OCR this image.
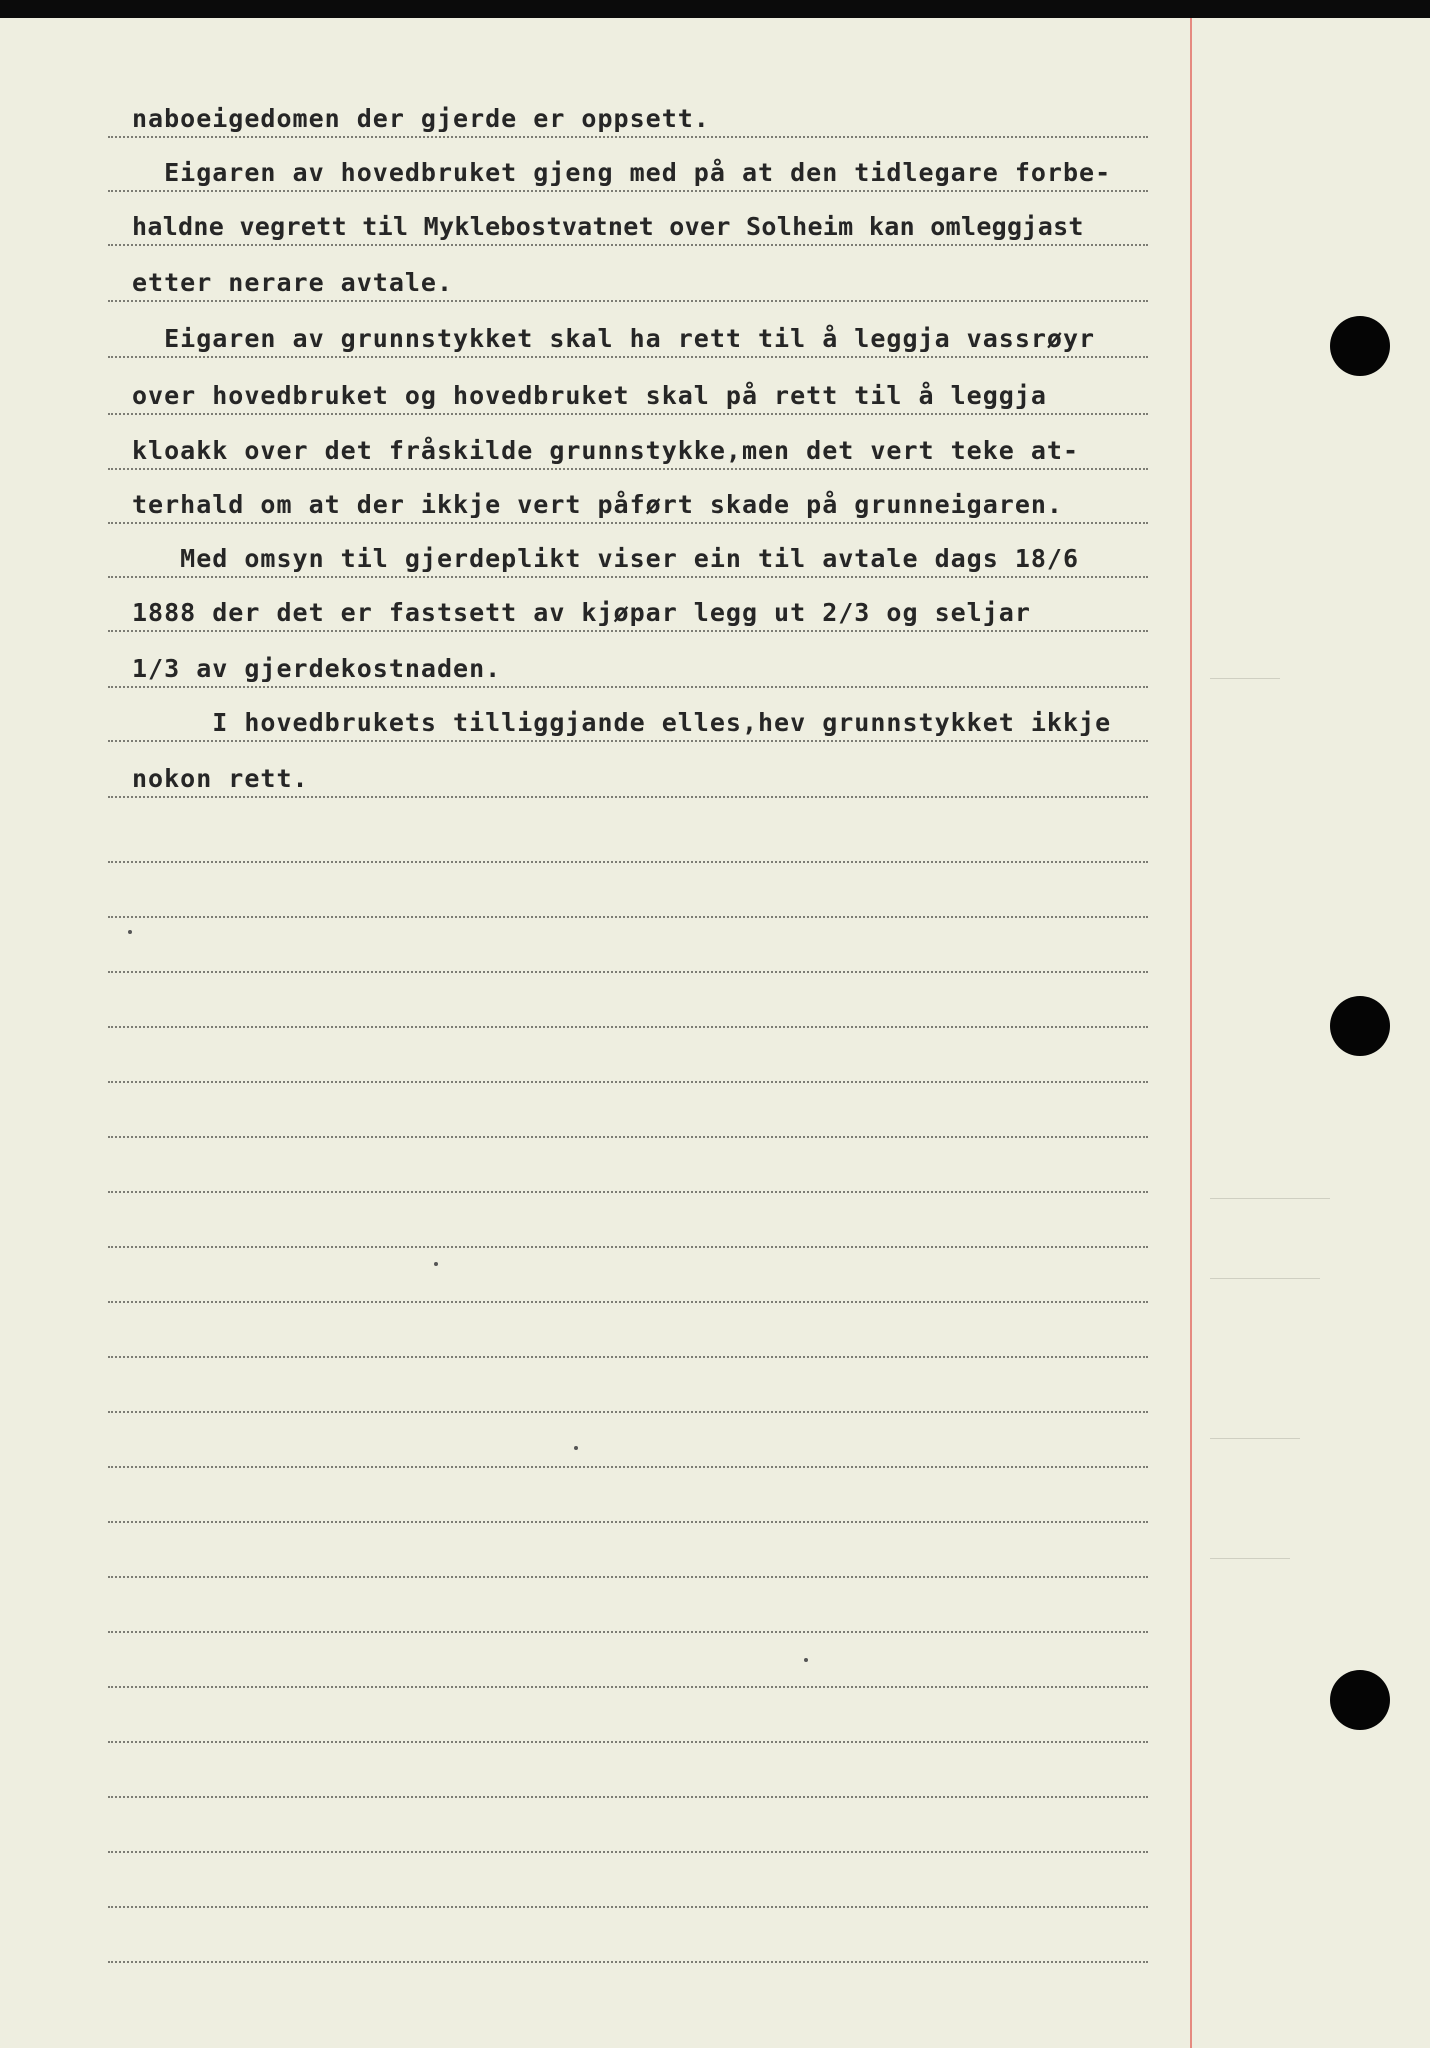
naboeigedomen der gjerde er oppsett.

Eigaren av hovedbruket gjeng med på at den tidlegare forbe-

haldne vegrett til Myklebostvatnet over Solheim kan omleggjast

etter nerare avtale.

Eigaren av grunnstykket skal ha rett til å leggja vassrøyr

over hovedbruket og hovedbruket skal på rett til å leggja

kloakk over det fråskilde grunnstykke,men det vert teke at-

terhald om at der ikkje vert påført skade på grunneigaren.

Med omsyn til gjerdeplikt viser ein til avtale dags 18/6

1888 der det er fastsett av kjøpar legg ut 2/3 og seljar

1/3 av gjerdekostnaden.

I hovedbrukets tilliggjande elles,hev grunnstykket ikkje

nokon rett.
